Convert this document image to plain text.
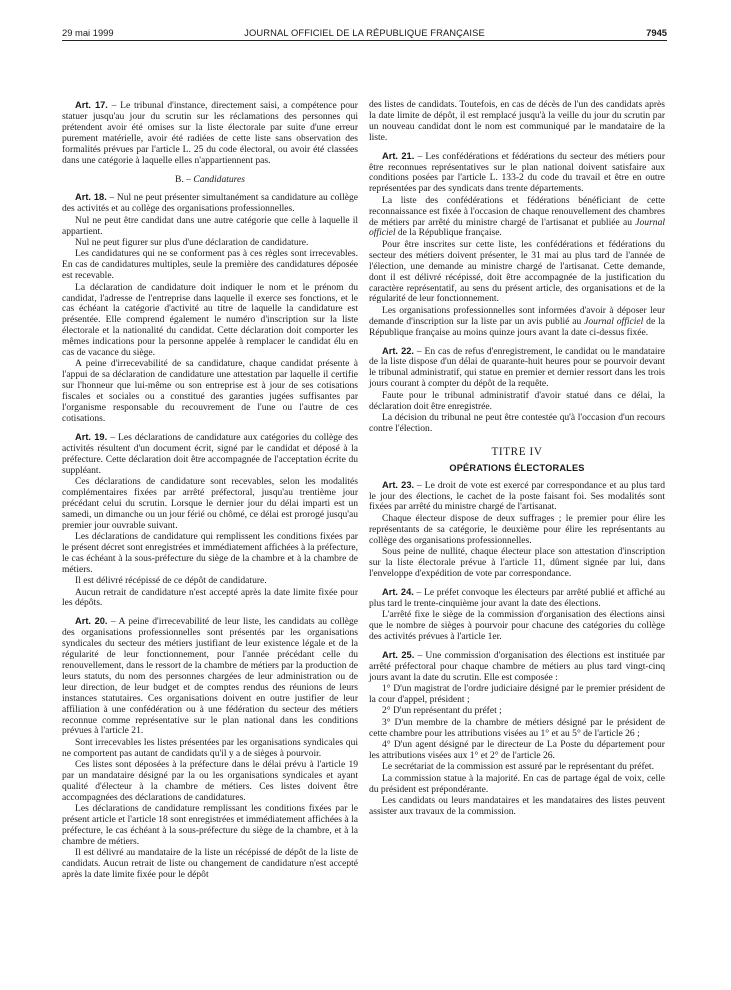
29 mai 1999	JOURNAL OFFICIEL DE LA RÉPUBLIQUE FRANÇAISE	7945

Art. 17. – Le tribunal d'instance, directement saisi, a compétence pour statuer jusqu'au jour du scrutin sur les réclamations des personnes qui prétendent avoir été omises sur la liste électorale par suite d'une erreur purement matérielle, avoir été radiées de cette liste sans observation des formalités prévues par l'article L. 25 du code électoral, ou avoir été classées dans une catégorie à laquelle elles n'appartiennent pas.

B. – Candidatures

Art. 18. – Nul ne peut présenter simultanément sa candidature au collège des activités et au collège des organisations professionnelles.

Nul ne peut être candidat dans une autre catégorie que celle à laquelle il appartient.

Nul ne peut figurer sur plus d'une déclaration de candidature.

Les candidatures qui ne se conforment pas à ces règles sont irrecevables. En cas de candidatures multiples, seule la première des candidatures déposée est recevable.

La déclaration de candidature doit indiquer le nom et le prénom du candidat, l'adresse de l'entreprise dans laquelle il exerce ses fonctions, et le cas échéant la catégorie d'activité au titre de laquelle la candidature est présentée. Elle comprend également le numéro d'inscription sur la liste électorale et la nationalité du candidat. Cette déclaration doit comporter les mêmes indications pour la personne appelée à remplacer le candidat élu en cas de vacance du siège.

A peine d'irrecevabilité de sa candidature, chaque candidat présente à l'appui de sa déclaration de candidature une attestation par laquelle il certifie sur l'honneur que lui-même ou son entreprise est à jour de ses cotisations fiscales et sociales ou a constitué des garanties jugées suffisantes par l'organisme responsable du recouvrement de l'une ou l'autre de ces cotisations.

Art. 19. – Les déclarations de candidature aux catégories du collège des activités résultent d'un document écrit, signé par le candidat et déposé à la préfecture. Cette déclaration doit être accompagnée de l'acceptation écrite du suppléant.

Ces déclarations de candidature sont recevables, selon les modalités complémentaires fixées par arrêté préfectoral, jusqu'au trentième jour précédant celui du scrutin. Lorsque le dernier jour du délai imparti est un samedi, un dimanche ou un jour férié ou chômé, ce délai est prorogé jusqu'au premier jour ouvrable suivant.

Les déclarations de candidature qui remplissent les conditions fixées par le présent décret sont enregistrées et immédiatement affichées à la préfecture, le cas échéant à la sous-préfecture du siège de la chambre et à la chambre de métiers.

Il est délivré récépissé de ce dépôt de candidature.

Aucun retrait de candidature n'est accepté après la date limite fixée pour les dépôts.

Art. 20. – A peine d'irrecevabilité de leur liste, les candidats au collège des organisations professionnelles sont présentés par les organisations syndicales du secteur des métiers justifiant de leur existence légale et de la régularité de leur fonctionnement, pour l'année précédant celle du renouvellement, dans le ressort de la chambre de métiers par la production de leurs statuts, du nom des personnes chargées de leur administration ou de leur direction, de leur budget et de comptes rendus des réunions de leurs instances statutaires. Ces organisations doivent en outre justifier de leur affiliation à une confédération ou à une fédération du secteur des métiers reconnue comme représentative sur le plan national dans les conditions prévues à l'article 21.

Sont irrecevables les listes présentées par les organisations syndicales qui ne comportent pas autant de candidats qu'il y a de sièges à pourvoir.

Ces listes sont déposées à la préfecture dans le délai prévu à l'article 19 par un mandataire désigné par la ou les organisations syndicales et ayant qualité d'électeur à la chambre de métiers. Ces listes doivent être accompagnées des déclarations de candidatures.

Les déclarations de candidature remplissant les conditions fixées par le présent article et l'article 18 sont enregistrées et immédiatement affichées à la préfecture, le cas échéant à la sous-préfecture du siège de la chambre, et à la chambre de métiers.

Il est délivré au mandataire de la liste un récépissé de dépôt de la liste de candidats. Aucun retrait de liste ou changement de candidature n'est accepté après la date limite fixée pour le dépôt

des listes de candidats. Toutefois, en cas de décès de l'un des candidats après la date limite de dépôt, il est remplacé jusqu'à la veille du jour du scrutin par un nouveau candidat dont le nom est communiqué par le mandataire de la liste.

Art. 21. – Les confédérations et fédérations du secteur des métiers pour être reconnues représentatives sur le plan national doivent satisfaire aux conditions posées par l'article L. 133-2 du code du travail et être en outre représentées par des syndicats dans trente départements.

La liste des confédérations et fédérations bénéficiant de cette reconnaissance est fixée à l'occasion de chaque renouvellement des chambres de métiers par arrêté du ministre chargé de l'artisanat et publiée au Journal officiel de la République française.

Pour être inscrites sur cette liste, les confédérations et fédérations du secteur des métiers doivent présenter, le 31 mai au plus tard de l'année de l'élection, une demande au ministre chargé de l'artisanat. Cette demande, dont il est délivré récépissé, doit être accompagnée de la justification du caractère représentatif, au sens du présent article, des organisations et de la régularité de leur fonctionnement.

Les organisations professionnelles sont informées d'avoir à déposer leur demande d'inscription sur la liste par un avis publié au Journal officiel de la République française au moins quinze jours avant la date ci-dessus fixée.

Art. 22. – En cas de refus d'enregistrement, le candidat ou le mandataire de la liste dispose d'un délai de quarante-huit heures pour se pourvoir devant le tribunal administratif, qui statue en premier et dernier ressort dans les trois jours courant à compter du dépôt de la requête.

Faute pour le tribunal administratif d'avoir statué dans ce délai, la déclaration doit être enregistrée.

La décision du tribunal ne peut être contestée qu'à l'occasion d'un recours contre l'élection.

TITRE IV

OPÉRATIONS ÉLECTORALES

Art. 23. – Le droit de vote est exercé par correspondance et au plus tard le jour des élections, le cachet de la poste faisant foi. Ses modalités sont fixées par arrêté du ministre chargé de l'artisanat.

Chaque électeur dispose de deux suffrages ; le premier pour élire les représentants de sa catégorie, le deuxième pour élire les représentants au collège des organisations professionnelles.

Sous peine de nullité, chaque électeur place son attestation d'inscription sur la liste électorale prévue à l'article 11, dûment signée par lui, dans l'enveloppe d'expédition de vote par correspondance.

Art. 24. – Le préfet convoque les électeurs par arrêté publié et affiché au plus tard le trente-cinquième jour avant la date des élections.

L'arrêté fixe le siège de la commission d'organisation des élections ainsi que le nombre de sièges à pourvoir pour chacune des catégories du collège des activités prévues à l'article 1er.

Art. 25. – Une commission d'organisation des élections est instituée par arrêté préfectoral pour chaque chambre de métiers au plus tard vingt-cinq jours avant la date du scrutin. Elle est composée :

1° D'un magistrat de l'ordre judiciaire désigné par le premier président de la cour d'appel, président ;

2° D'un représentant du préfet ;

3° D'un membre de la chambre de métiers désigné par le président de cette chambre pour les attributions visées au 1° et au 5° de l'article 26 ;

4° D'un agent désigné par le directeur de La Poste du département pour les attributions visées aux 1° et 2° de l'article 26.

Le secrétariat de la commission est assuré par le représentant du préfet.

La commission statue à la majorité. En cas de partage égal de voix, celle du président est prépondérante.

Les candidats ou leurs mandataires et les mandataires des listes peuvent assister aux travaux de la commission.
